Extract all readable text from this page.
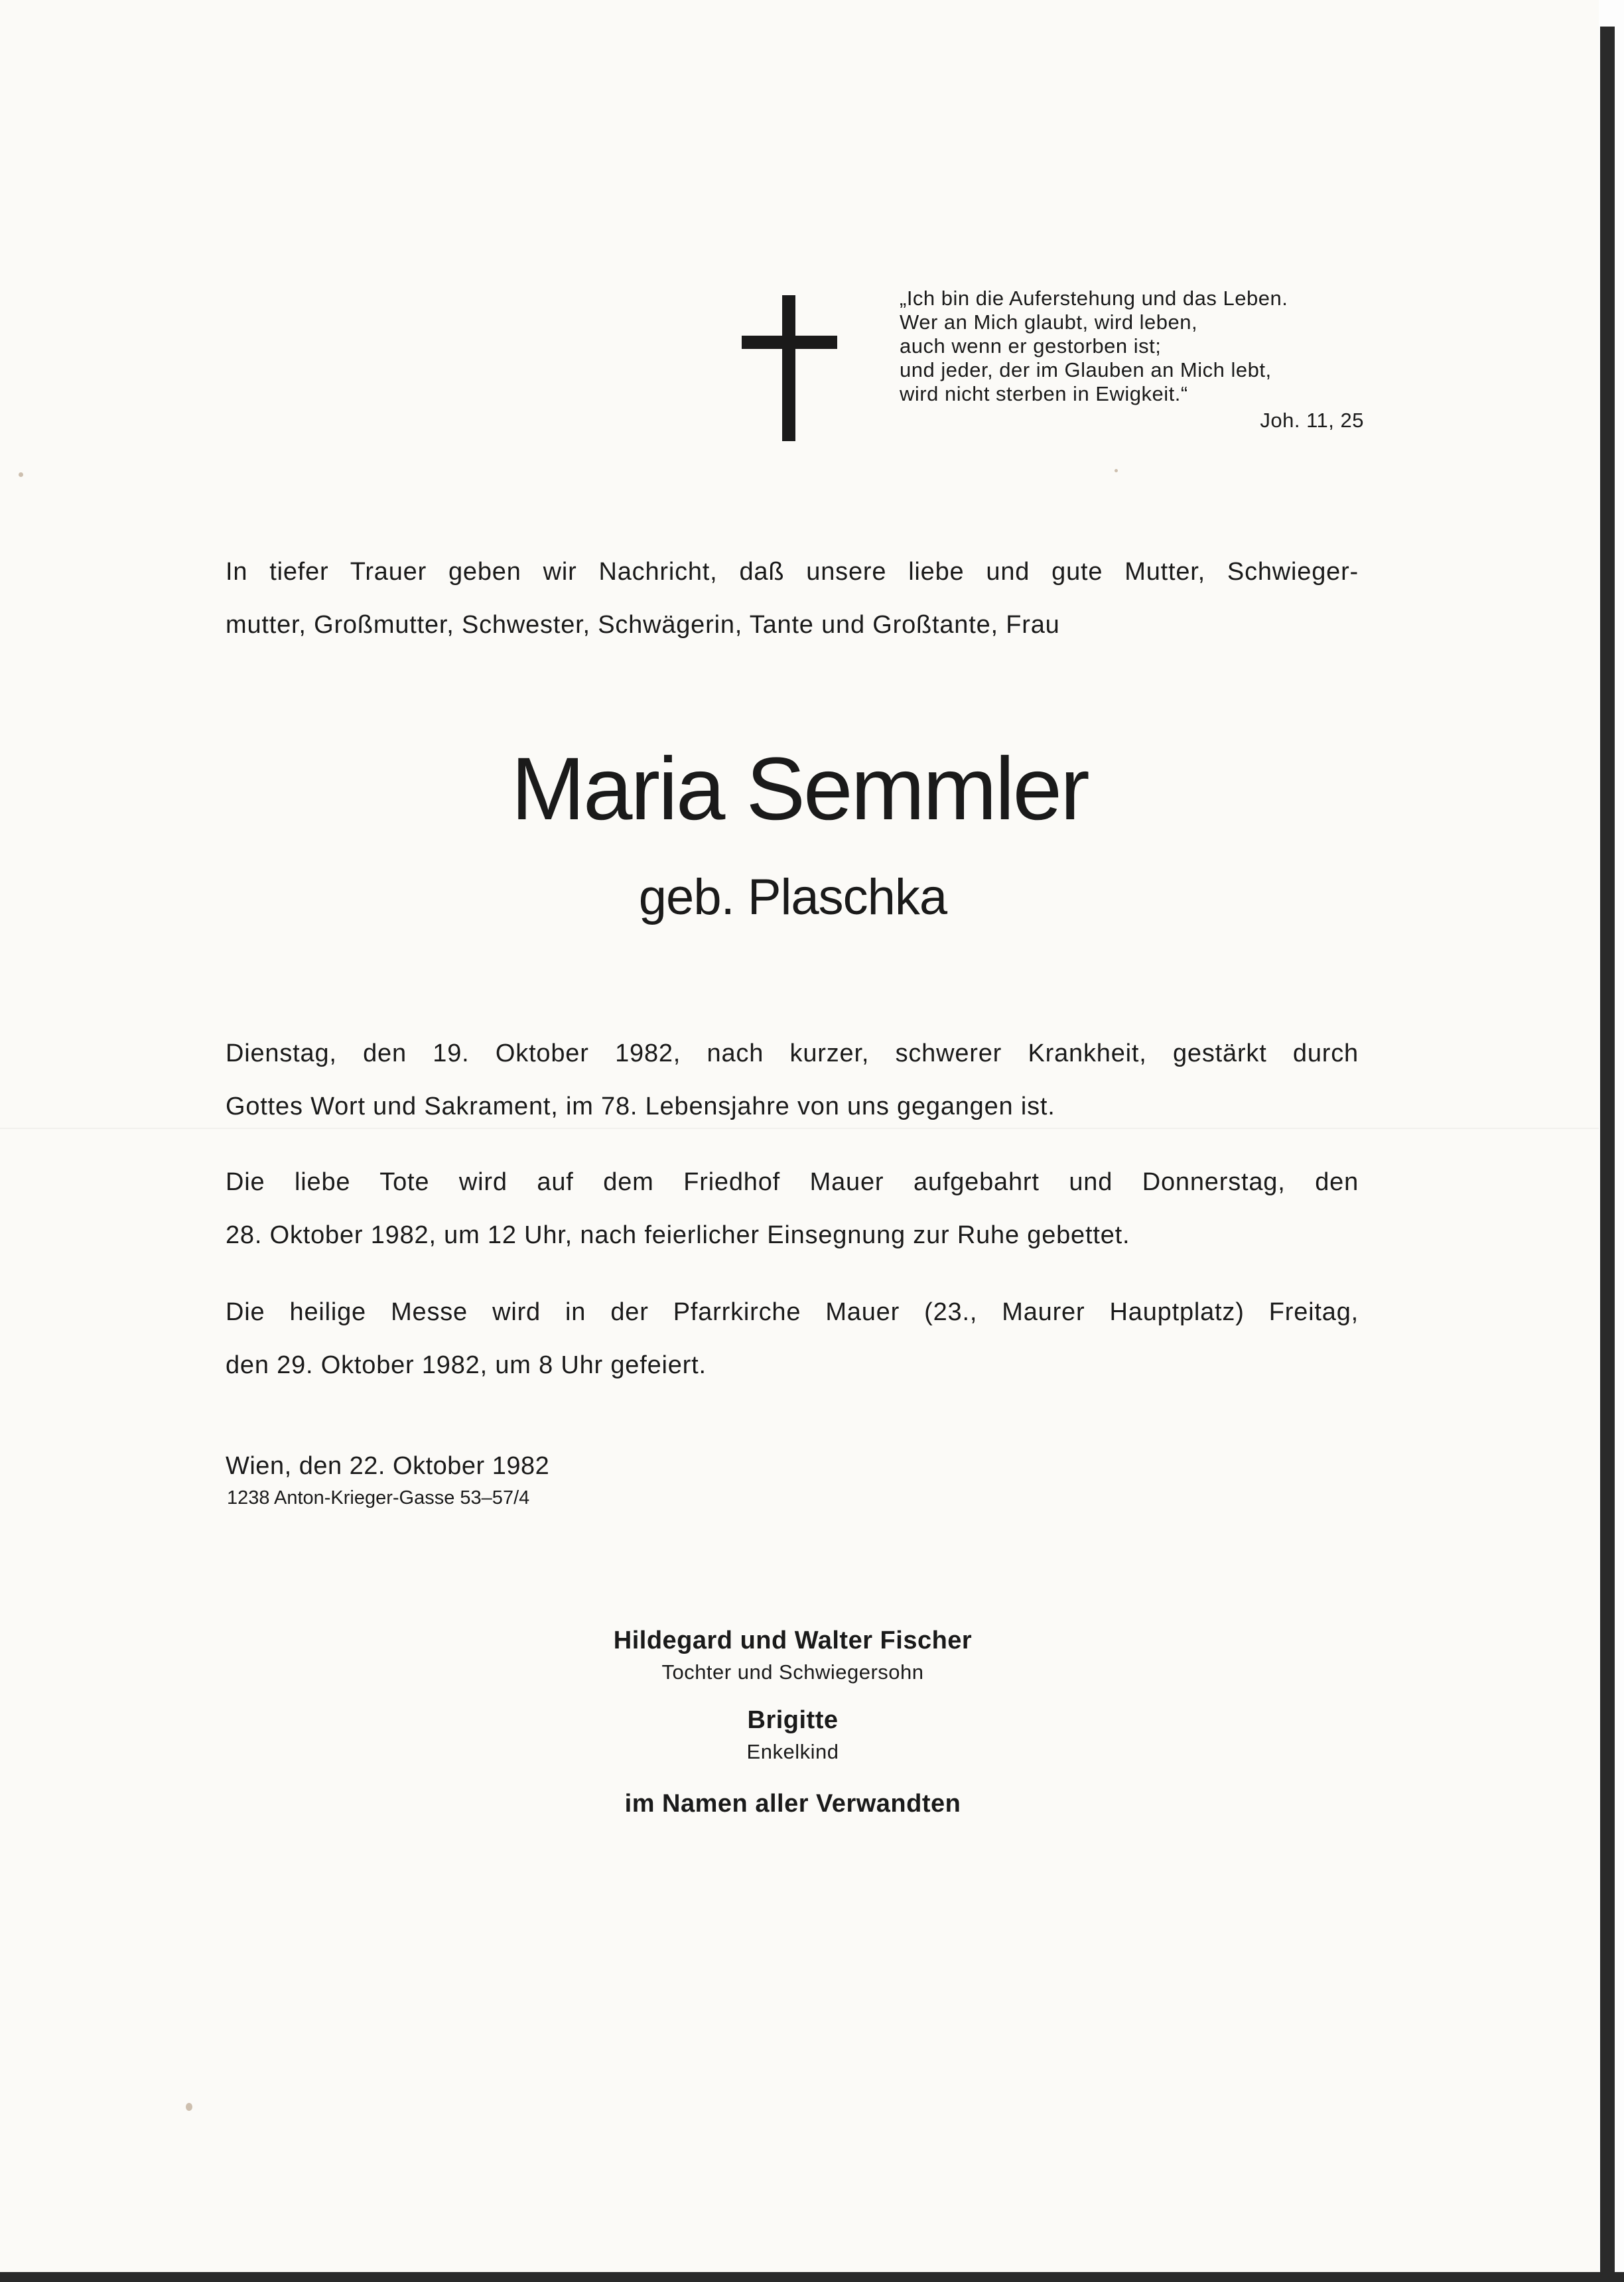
„Ich bin die Auferstehung und das Leben.
Wer an Mich glaubt, wird leben,
auch wenn er gestorben ist;
und jeder, der im Glauben an Mich lebt,
wird nicht sterben in Ewigkeit.“
Joh. 11, 25
In tiefer Trauer geben wir Nachricht, daß unsere liebe und gute Mutter, Schwieger-
mutter, Großmutter, Schwester, Schwägerin, Tante und Großtante, Frau
Maria Semmler
geb. Plaschka
Dienstag, den 19. Oktober 1982, nach kurzer, schwerer Krankheit, gestärkt durch
Gottes Wort und Sakrament, im 78. Lebensjahre von uns gegangen ist.
Die liebe Tote wird auf dem Friedhof Mauer aufgebahrt und Donnerstag, den
28. Oktober 1982, um 12 Uhr, nach feierlicher Einsegnung zur Ruhe gebettet.
Die heilige Messe wird in der Pfarrkirche Mauer (23., Maurer Hauptplatz) Freitag,
den 29. Oktober 1982, um 8 Uhr gefeiert.
Wien, den 22. Oktober 1982
1238 Anton-Krieger-Gasse 53–57/4
Hildegard und Walter Fischer
Tochter und Schwiegersohn
Brigitte
Enkelkind
im Namen aller Verwandten
